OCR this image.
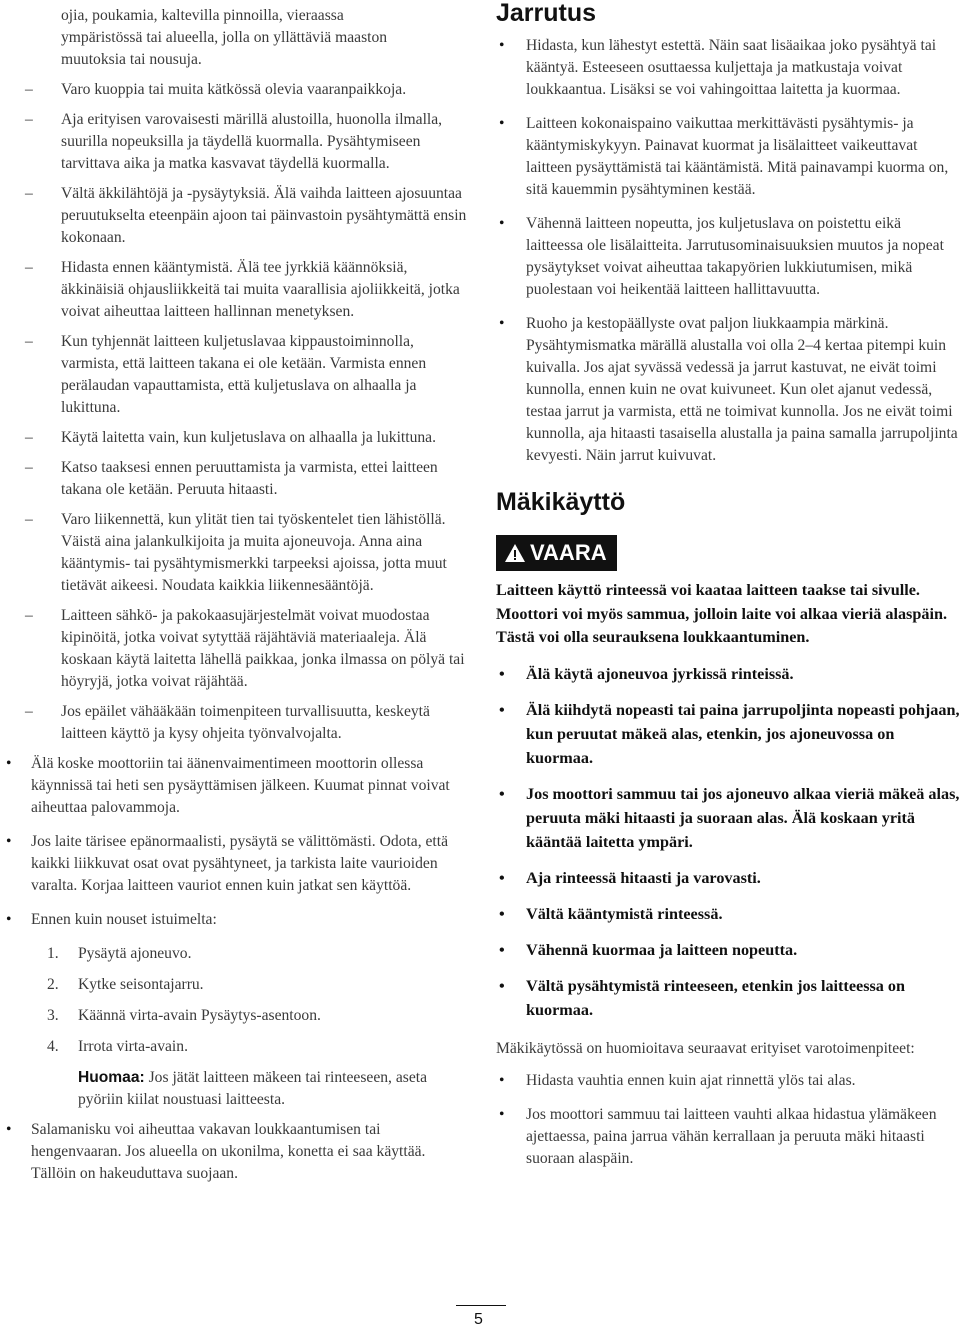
ojia, poukamia, kaltevilla pinnoilla, vieraassa

ympäristössä tai alueella, jolla on yllättäviä maaston

muutoksia tai nousuja.

– Varo kuoppia tai muita kätkössä olevia vaaranpaikkoja.

– Aja erityisen varovaisesti märillä alustoilla, huonolla ilmalla, suurilla nopeuksilla ja täydellä kuormalla. Pysähtymiseen tarvittava aika ja matka kasvavat täydellä kuormalla.

– Vältä äkkilähtöjä ja -pysäytyksiä. Älä vaihda laitteen ajosuuntaa peruutukselta eteenpäin ajoon tai päinvastoin pysähtymättä ensin kokonaan.

– Hidasta ennen kääntymistä. Älä tee jyrkkiä käännöksiä, äkkinäisiä ohjausliikkeitä tai muita vaarallisia ajoliikkeitä, jotka voivat aiheuttaa laitteen hallinnan menetyksen.

– Kun tyhjennät laitteen kuljetuslavaa kippaustoiminnolla, varmista, että laitteen takana ei ole ketään. Varmista ennen perälaudan vapauttamista, että kuljetuslava on alhaalla ja lukittuna.

– Käytä laitetta vain, kun kuljetuslava on alhaalla ja lukittuna.

– Katso taaksesi ennen peruuttamista ja varmista, ettei laitteen takana ole ketään. Peruuta hitaasti.

– Varo liikennettä, kun ylität tien tai työskentelet tien lähistöllä. Väistä aina jalankulkijoita ja muita ajoneuvoja. Anna aina kääntymis- tai pysähtymismerkki tarpeeksi ajoissa, jotta muut tietävät aikeesi. Noudata kaikkia liikennesääntöjä.

– Laitteen sähkö- ja pakokaasujärjestelmät voivat muodostaa kipinöitä, jotka voivat sytyttää räjähtäviä materiaaleja. Älä koskaan käytä laitetta lähellä paikkaa, jonka ilmassa on pölyä tai höyryjä, jotka voivat räjähtää.

– Jos epäilet vähääkään toimenpiteen turvallisuutta, keskeytä laitteen käyttö ja kysy ohjeita työnvalvojalta.

• Älä koske moottoriin tai äänenvaimentimeen moottorin ollessa käynnissä tai heti sen pysäyttämisen jälkeen. Kuumat pinnat voivat aiheuttaa palovammoja.

• Jos laite tärisee epänormaalisti, pysäytä se välittömästi. Odota, että kaikki liikkuvat osat ovat pysähtyneet, ja tarkista laite vaurioiden varalta. Korjaa laitteen vauriot ennen kuin jatkat sen käyttöä.

• Ennen kuin nouset istuimelta:

1. Pysäytä ajoneuvo.

2. Kytke seisontajarru.

3. Käännä virta-avain Pysäytys-asentoon.

4. Irrota virta-avain.

Huomaa: Jos jätät laitteen mäkeen tai rinteeseen, aseta pyöriin kiilat noustuasi laitteesta.

• Salamanisku voi aiheuttaa vakavan loukkaantumisen tai hengenvaaran. Jos alueella on ukonilma, konetta ei saa käyttää. Tällöin on hakeuduttava suojaan.

Jarrutus
• Hidasta, kun lähestyt estettä. Näin saat lisäaikaa joko pysähtyä tai kääntyä. Esteeseen osuttaessa kuljettaja ja matkustaja voivat loukkaantua. Lisäksi se voi vahingoittaa laitetta ja kuormaa.

• Laitteen kokonaispaino vaikuttaa merkittävästi pysähtymis- ja kääntymiskykyyn. Painavat kuormat ja lisälaitteet vaikeuttavat laitteen pysäyttämistä tai kääntämistä. Mitä painavampi kuorma on, sitä kauemmin pysähtyminen kestää.

• Vähennä laitteen nopeutta, jos kuljetuslava on poistettu eikä laitteessa ole lisälaitteita. Jarrutusominaisuuksien muutos ja nopeat pysäytykset voivat aiheuttaa takapyörien lukkiutumisen, mikä puolestaan voi heikentää laitteen hallittavuutta.

• Ruoho ja kestopäällyste ovat paljon liukkaampia märkinä. Pysähtymismatka märällä alustalla voi olla 2–4 kertaa pitempi kuin kuivalla. Jos ajat syvässä vedessä ja jarrut kastuvat, ne eivät toimi kunnolla, ennen kuin ne ovat kuivuneet. Kun olet ajanut vedessä, testaa jarrut ja varmista, että ne toimivat kunnolla. Jos ne eivät toimi kunnolla, aja hitaasti tasaisella alustalla ja paina samalla jarrupoljinta kevyesti. Näin jarrut kuivuvat.

Mäkikäyttö
VAARA

Laitteen käyttö rinteessä voi kaataa laitteen taakse tai sivulle. Moottori voi myös sammua, jolloin laite voi alkaa vieriä alaspäin. Tästä voi olla seurauksena loukkaantuminen.

• Älä käytä ajoneuvoa jyrkissä rinteissä.

• Älä kiihdytä nopeasti tai paina jarrupoljinta nopeasti pohjaan, kun peruutat mäkeä alas, etenkin, jos ajoneuvossa on kuormaa.

• Jos moottori sammuu tai jos ajoneuvo alkaa vieriä mäkeä alas, peruuta mäki hitaasti ja suoraan alas. Älä koskaan yritä kääntää laitetta ympäri.

• Aja rinteessä hitaasti ja varovasti.

• Vältä kääntymistä rinteessä.

• Vähennä kuormaa ja laitteen nopeutta.

• Vältä pysähtymistä rinteeseen, etenkin jos laitteessa on kuormaa.

Mäkikäytössä on huomioitava seuraavat erityiset varotoimenpiteet:

• Hidasta vauhtia ennen kuin ajat rinnettä ylös tai alas.

• Jos moottori sammuu tai laitteen vauhti alkaa hidastua ylämäkeen ajettaessa, paina jarrua vähän kerrallaan ja peruuta mäki hitaasti suoraan alaspäin.

5
